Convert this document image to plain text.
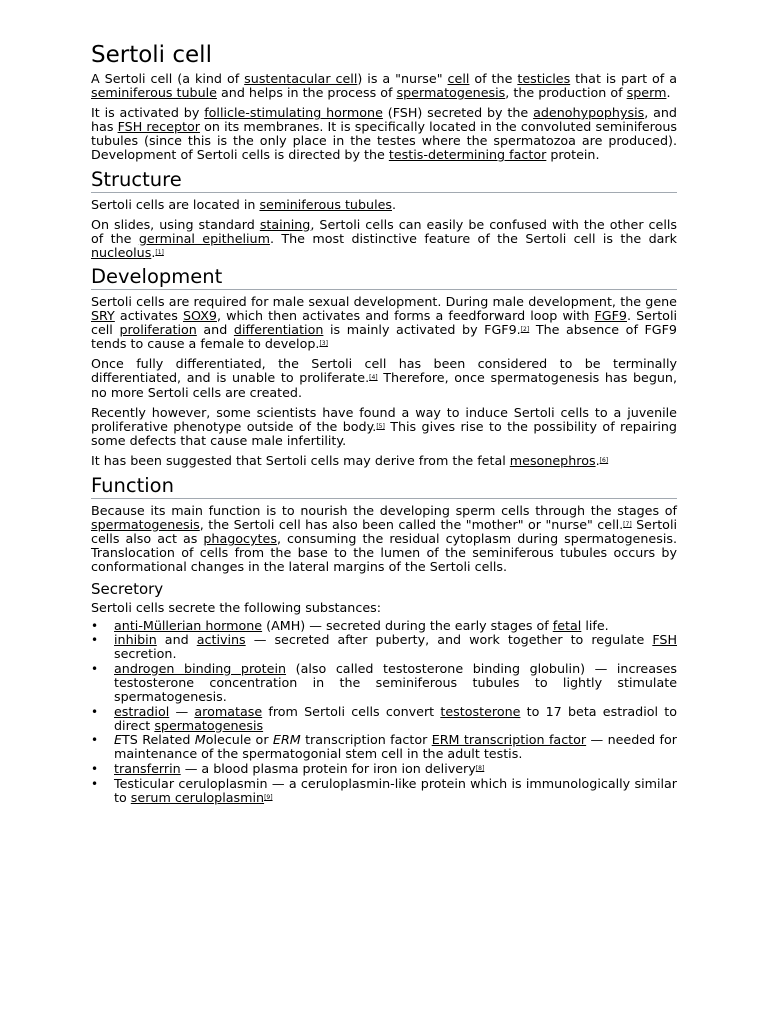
Sertoli cell

A Sertoli cell (a kind of sustentacular cell) is a "nurse" cell of the testicles that is part of a seminiferous tubule and helps in the process of spermatogenesis, the production of sperm.

It is activated by follicle-stimulating hormone (FSH) secreted by the adenohypophysis, and has FSH receptor on its membranes. It is specifically located in the convoluted seminiferous tubules (since this is the only place in the testes where the spermatozoa are produced). Development of Sertoli cells is directed by the testis-determining factor protein.

Structure

Sertoli cells are located in seminiferous tubules.

On slides, using standard staining, Sertoli cells can easily be confused with the other cells of the germinal epithelium. The most distinctive feature of the Sertoli cell is the dark nucleolus.[1]

Development

Sertoli cells are required for male sexual development. During male development, the gene SRY activates SOX9, which then activates and forms a feedforward loop with FGF9. Sertoli cell proliferation and differentiation is mainly activated by FGF9.[2] The absence of FGF9 tends to cause a female to develop.[3]

Once fully differentiated, the Sertoli cell has been considered to be terminally differentiated, and is unable to proliferate.[4] Therefore, once spermatogenesis has begun, no more Sertoli cells are created.

Recently however, some scientists have found a way to induce Sertoli cells to a juvenile proliferative phenotype outside of the body.[5] This gives rise to the possibility of repairing some defects that cause male infertility.

It has been suggested that Sertoli cells may derive from the fetal mesonephros.[6]

Function

Because its main function is to nourish the developing sperm cells through the stages of spermatogenesis, the Sertoli cell has also been called the "mother" or "nurse" cell.[7] Sertoli cells also act as phagocytes, consuming the residual cytoplasm during spermatogenesis. Translocation of cells from the base to the lumen of the seminiferous tubules occurs by conformational changes in the lateral margins of the Sertoli cells.

Secretory

Sertoli cells secrete the following substances:

• anti-Müllerian hormone (AMH) — secreted during the early stages of fetal life.
• inhibin and activins — secreted after puberty, and work together to regulate FSH secretion.
• androgen binding protein (also called testosterone binding globulin) — increases testosterone concentration in the seminiferous tubules to lightly stimulate spermatogenesis.
• estradiol — aromatase from Sertoli cells convert testosterone to 17 beta estradiol to direct spermatogenesis
• ETS Related Molecule or ERM transcription factor ERM transcription factor — needed for maintenance of the spermatogonial stem cell in the adult testis.
• transferrin — a blood plasma protein for iron ion delivery[8]
• Testicular ceruloplasmin — a ceruloplasmin-like protein which is immunologically similar to serum ceruloplasmin[9]
